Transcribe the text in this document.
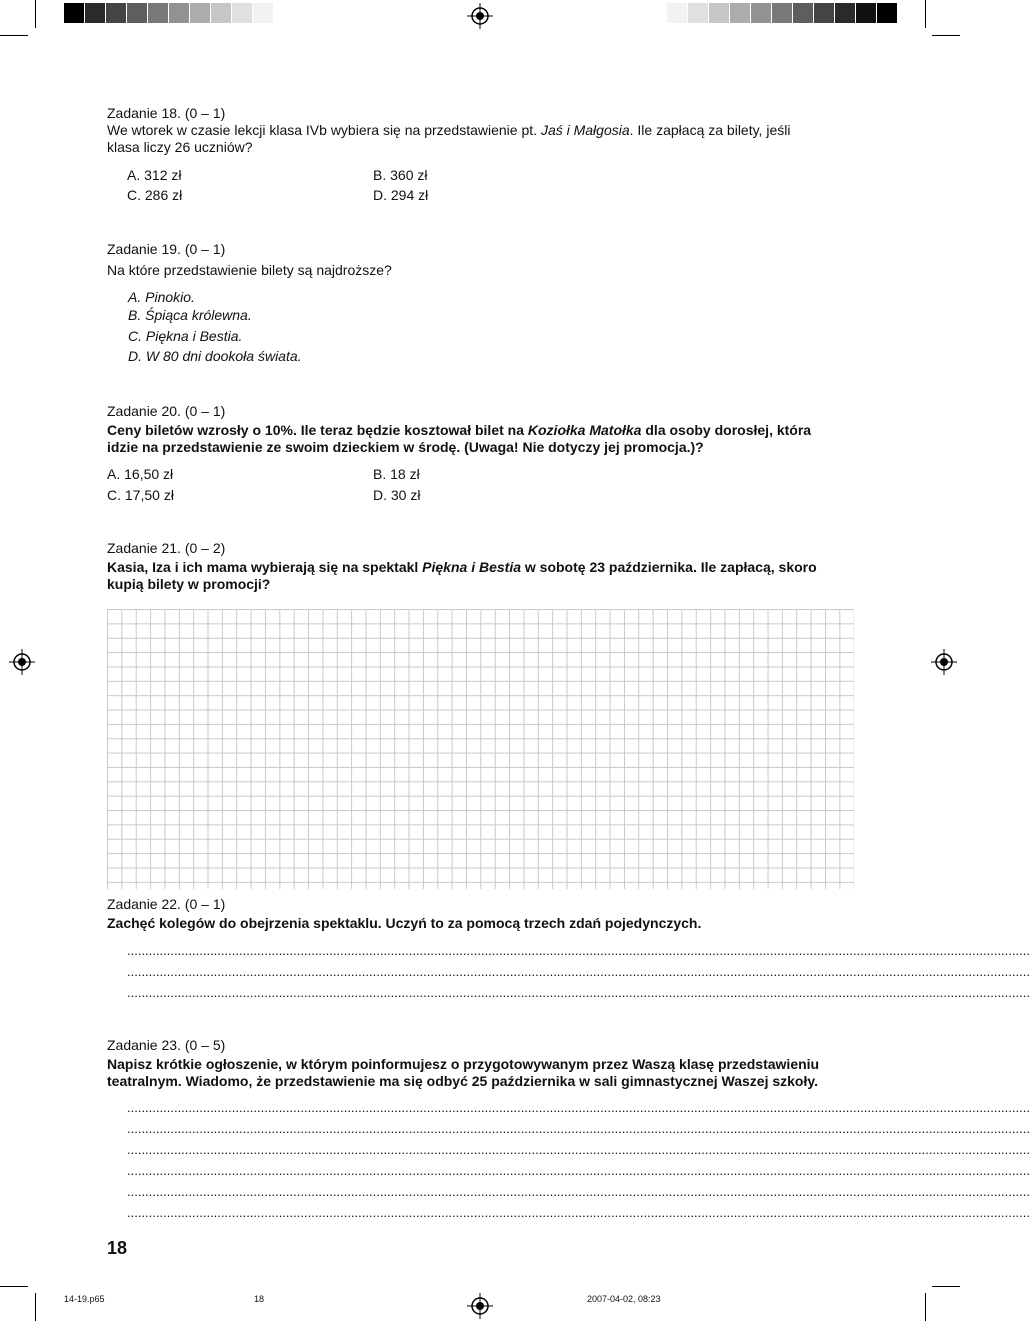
Zadanie 18. (0 – 1)
We wtorek w czasie lekcji klasa IVb wybiera się na przedstawienie pt. Jaś i Małgosia. Ile zapłacą za bilety, jeśli
klasa liczy 26 uczniów?
A. 312 zł	B. 360 zł
C. 286 zł	D. 294 zł
Zadanie 19. (0 – 1)
Na które przedstawienie bilety są najdroższe?
A. Pinokio.
B. Śpiąca królewna.
C. Piękna i Bestia.
D. W 80 dni dookoła świata.
Zadanie 20. (0 – 1)
Ceny biletów wzrosły o 10%. Ile teraz będzie kosztował bilet na Koziołka Matołka dla osoby dorosłej, która
idzie na przedstawienie ze swoim dzieckiem w środę. (Uwaga! Nie dotyczy jej promocja.)?
A. 16,50 zł	B. 18 zł
C. 17,50 zł	D. 30 zł
Zadanie 21. (0 – 2)
Kasia, Iza i ich mama wybierają się na spektakl Piękna i Bestia w sobotę 23 października. Ile zapłacą, skoro
kupią bilety w promocji?
Zadanie 22. (0 – 1)
Zachęć kolegów do obejrzenia spektaklu. Uczyń to za pomocą trzech zdań pojedynczych.
..........................................................................................................................................................................................................................................................
..........................................................................................................................................................................................................................................................
..........................................................................................................................................................................................................................................................
Zadanie 23. (0 – 5)
Napisz krótkie ogłoszenie, w którym poinformujesz o przygotowywanym przez Waszą klasę przedstawieniu
teatralnym. Wiadomo, że przedstawienie ma się odbyć 25 października w sali gimnastycznej Waszej szkoły.
..........................................................................................................................................................................................................................................................
..........................................................................................................................................................................................................................................................
..........................................................................................................................................................................................................................................................
..........................................................................................................................................................................................................................................................
..........................................................................................................................................................................................................................................................
..........................................................................................................................................................................................................................................................
18
14-19.p65	18	2007-04-02, 08:23
